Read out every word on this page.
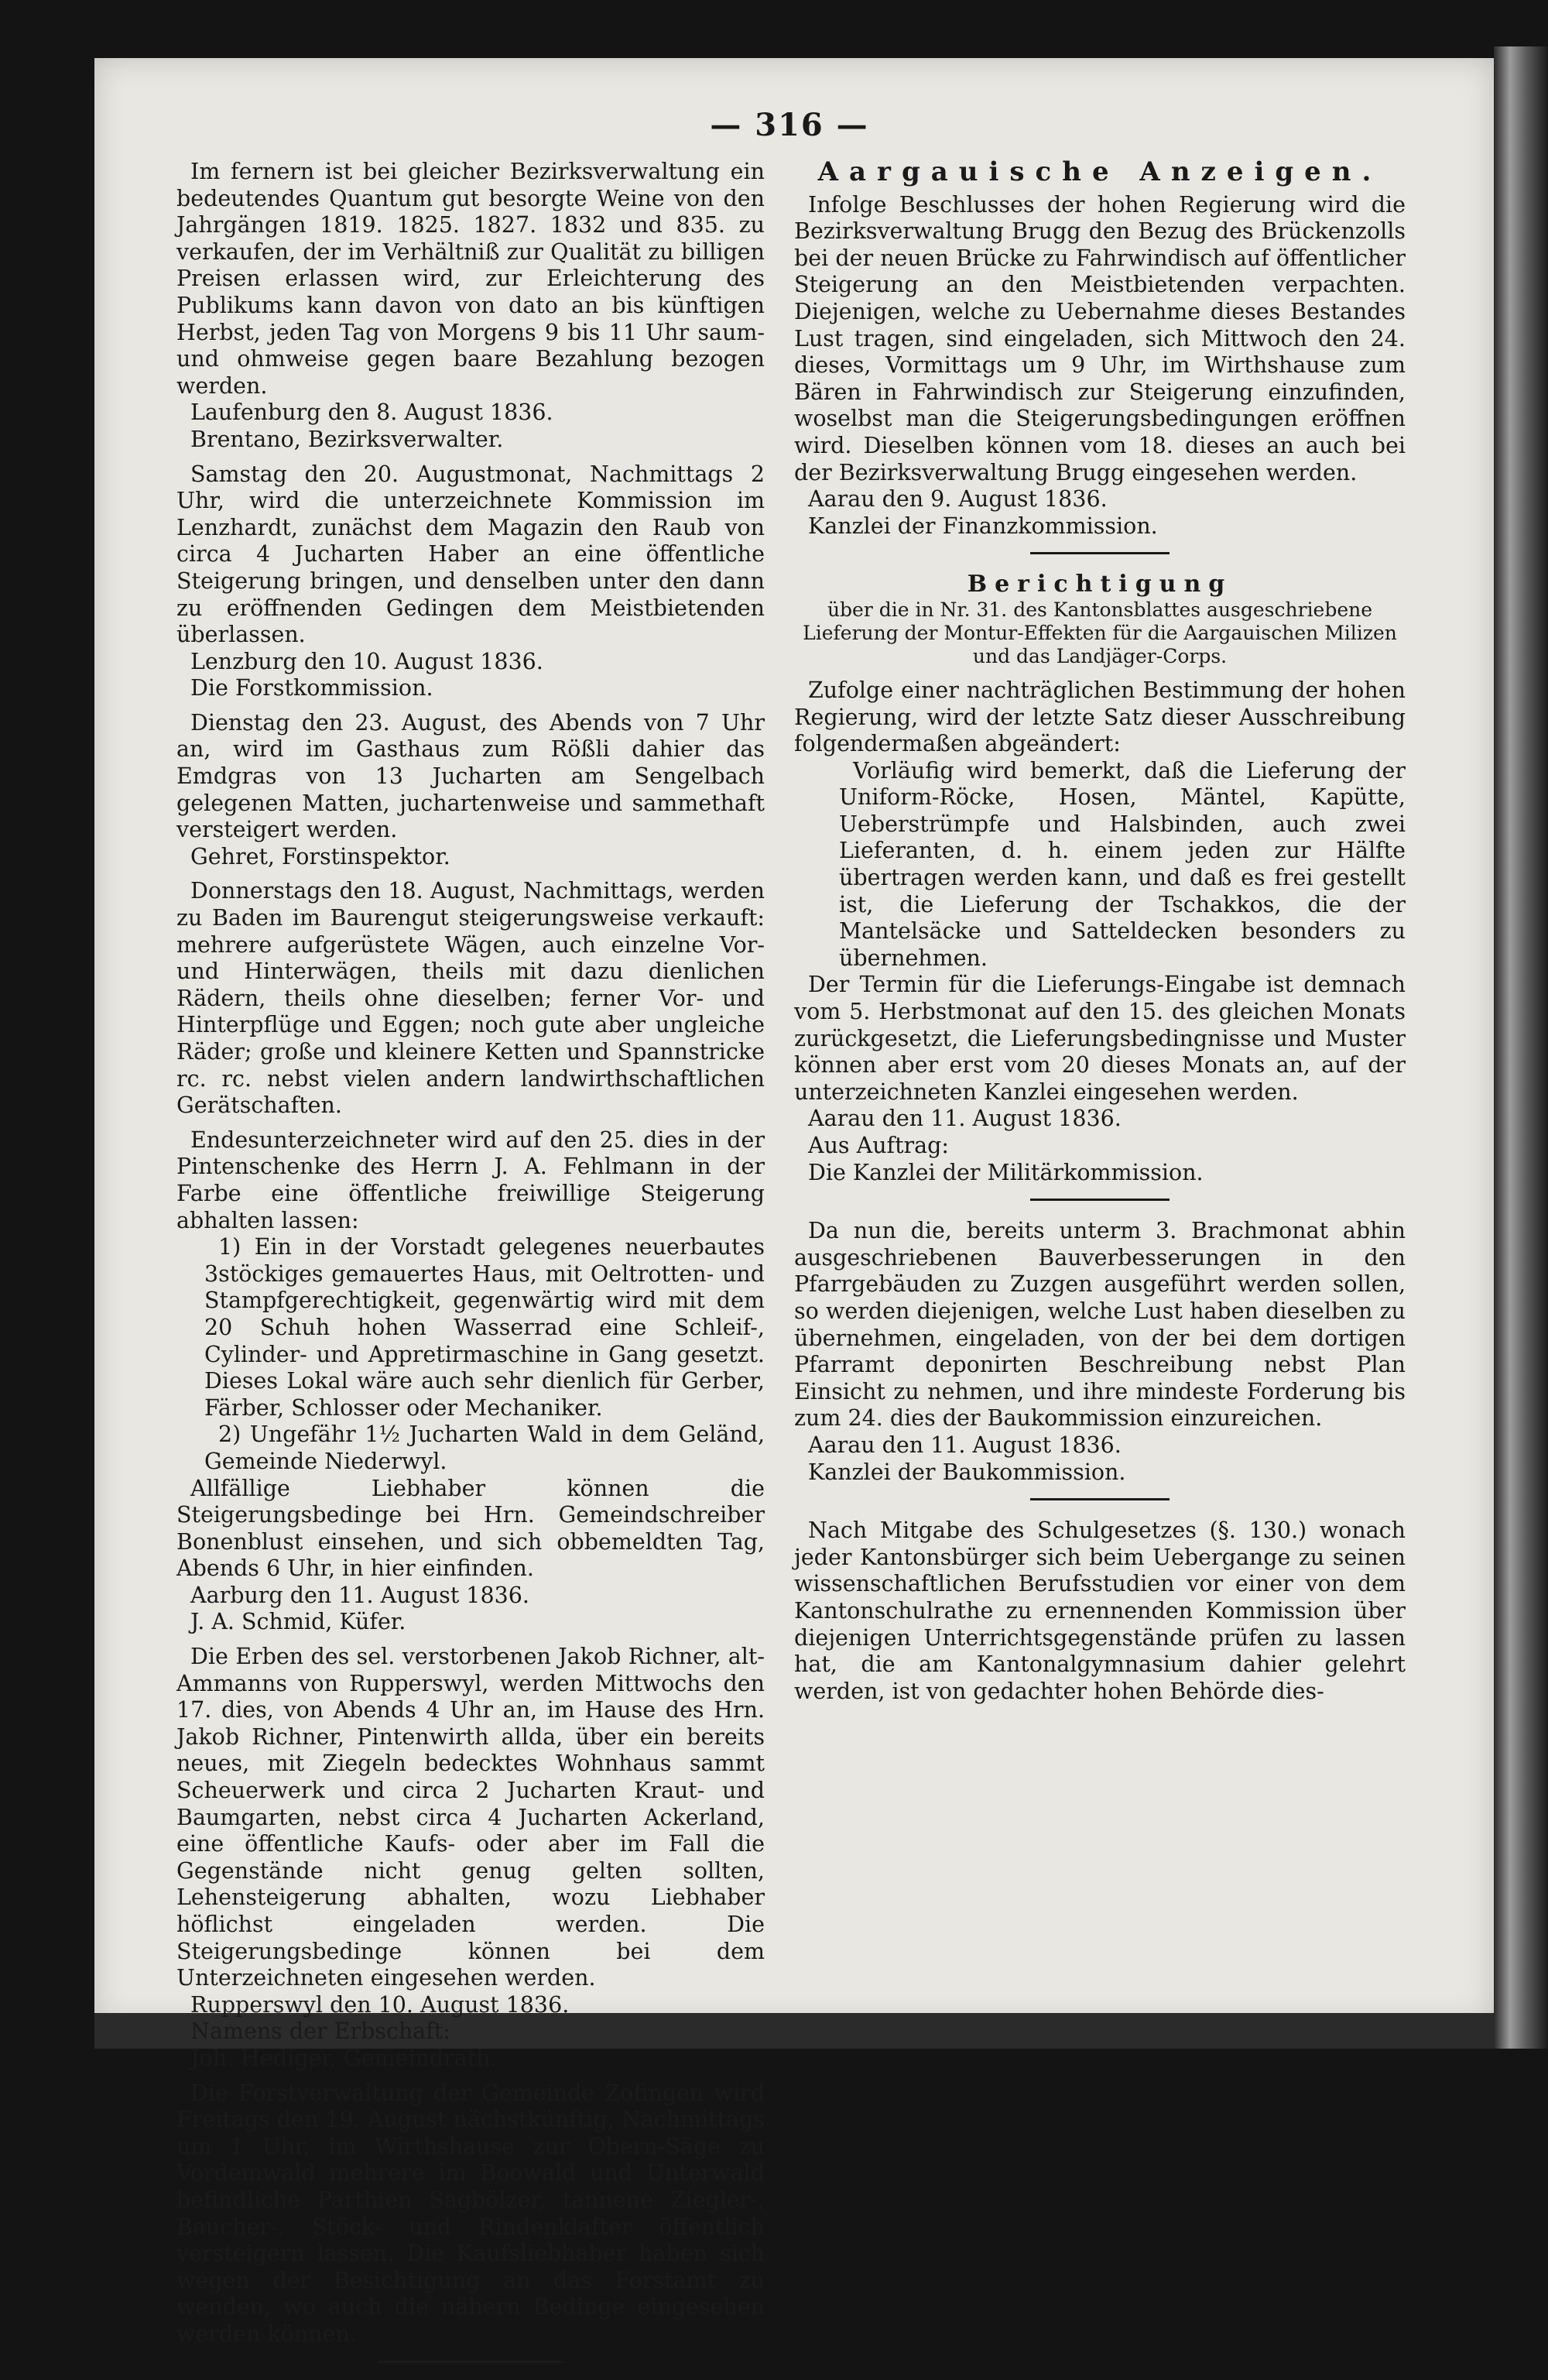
— 316 —

Im fernern ist bei gleicher Bezirksverwaltung ein bedeutendes Quantum gut besorgte Weine von den Jahrgängen 1819. 1825. 1827. 1832 und 835. zu verkaufen, der im Verhältniß zur Qualität zu billigen Preisen erlassen wird, zur Erleichterung des Publikums kann davon von dato an bis künftigen Herbst, jeden Tag von Morgens 9 bis 11 Uhr saum- und ohmweise gegen baare Bezahlung bezogen werden.

Laufenburg den 8. August 1836.

Brentano, Bezirksverwalter.

Samstag den 20. Augustmonat, Nachmittags 2 Uhr, wird die unterzeichnete Kommission im Lenzhardt, zunächst dem Magazin den Raub von circa 4 Jucharten Haber an eine öffentliche Steigerung bringen, und denselben unter den dann zu eröffnenden Gedingen dem Meistbietenden überlassen.

Lenzburg den 10. August 1836.

Die Forstkommission.

Dienstag den 23. August, des Abends von 7 Uhr an, wird im Gasthaus zum Rößli dahier das Emdgras von 13 Jucharten am Sengelbach gelegenen Matten, juchartenweise und sammethaft versteigert werden.

Gehret, Forstinspektor.

Donnerstags den 18. August, Nachmittags, werden zu Baden im Baurengut steigerungsweise verkauft: mehrere aufgerüstete Wägen, auch einzelne Vor- und Hinterwägen, theils mit dazu dienlichen Rädern, theils ohne dieselben; ferner Vor- und Hinterpflüge und Eggen; noch gute aber ungleiche Räder; große und kleinere Ketten und Spannstricke rc. rc. nebst vielen andern landwirthschaftlichen Gerätschaften.

Endesunterzeichneter wird auf den 25. dies in der Pintenschenke des Herrn J. A. Fehlmann in der Farbe eine öffentliche freiwillige Steigerung abhalten lassen:

1) Ein in der Vorstadt gelegenes neuerbautes 3stöckiges gemauertes Haus, mit Oeltrotten- und Stampfgerechtigkeit, gegenwärtig wird mit dem 20 Schuh hohen Wasserrad eine Schleif-, Cylinder- und Appretirmaschine in Gang gesetzt. Dieses Lokal wäre auch sehr dienlich für Gerber, Färber, Schlosser oder Mechaniker.

2) Ungefähr 1½ Jucharten Wald in dem Geländ, Gemeinde Niederwyl.

Allfällige Liebhaber können die Steigerungsbedinge bei Hrn. Gemeindschreiber Bonenblust einsehen, und sich obbemeldten Tag, Abends 6 Uhr, in hier einfinden.

Aarburg den 11. August 1836.

J. A. Schmid, Küfer.

Die Erben des sel. verstorbenen Jakob Richner, alt-Ammanns von Rupperswyl, werden Mittwochs den 17. dies, von Abends 4 Uhr an, im Hause des Hrn. Jakob Richner, Pintenwirth allda, über ein bereits neues, mit Ziegeln bedecktes Wohnhaus sammt Scheuerwerk und circa 2 Jucharten Kraut- und Baumgarten, nebst circa 4 Jucharten Ackerland, eine öffentliche Kaufs- oder aber im Fall die Gegenstände nicht genug gelten sollten, Lehensteigerung abhalten, wozu Liebhaber höflichst eingeladen werden. Die Steigerungsbedinge können bei dem Unterzeichneten eingesehen werden.

Rupperswyl den 10. August 1836.

Namens der Erbschaft:

Joh. Hediger, Gemeindrath.

Die Forstverwaltung der Gemeinde Zofingen wird Freitags den 19. August nächstkünftig, Nachmittags um 1 Uhr, im Wirthshause zur Obern-Säge zu Vordemwald mehrere im Boowald und Unterwald befindliche Parthien Sagbölzer, tannene Ziegler-, Baucher-, Stöck- und Rindenklafter öffentlich versteigern lassen. Die Kaufsliebhaber haben sich wegen der Besichtigung an das Forstamt zu wenden, wo auch die nähern Bedinge eingesehen werden können.

Aargauische Anzeigen.

Infolge Beschlusses der hohen Regierung wird die Bezirksverwaltung Brugg den Bezug des Brückenzolls bei der neuen Brücke zu Fahrwindisch auf öffentlicher Steigerung an den Meistbietenden verpachten. Diejenigen, welche zu Uebernahme dieses Bestandes Lust tragen, sind eingeladen, sich Mittwoch den 24. dieses, Vormittags um 9 Uhr, im Wirthshause zum Bären in Fahrwindisch zur Steigerung einzufinden, woselbst man die Steigerungsbedingungen eröffnen wird. Dieselben können vom 18. dieses an auch bei der Bezirksverwaltung Brugg eingesehen werden.

Aarau den 9. August 1836.

Kanzlei der Finanzkommission.

Berichtigung
über die in Nr. 31. des Kantonsblattes ausgeschriebene Lieferung der Montur-Effekten für die Aargauischen Milizen und das Landjäger-Corps.

Zufolge einer nachträglichen Bestimmung der hohen Regierung, wird der letzte Satz dieser Ausschreibung folgendermaßen abgeändert:

Vorläufig wird bemerkt, daß die Lieferung der Uniform-Röcke, Hosen, Mäntel, Kapütte, Ueberstrümpfe und Halsbinden, auch zwei Lieferanten, d. h. einem jeden zur Hälfte übertragen werden kann, und daß es frei gestellt ist, die Lieferung der Tschakkos, die der Mantelsäcke und Satteldecken besonders zu übernehmen.

Der Termin für die Lieferungs-Eingabe ist demnach vom 5. Herbstmonat auf den 15. des gleichen Monats zurückgesetzt, die Lieferungsbedingnisse und Muster können aber erst vom 20 dieses Monats an, auf der unterzeichneten Kanzlei eingesehen werden.

Aarau den 11. August 1836.

Aus Auftrag:

Die Kanzlei der Militärkommission.

Da nun die, bereits unterm 3. Brachmonat abhin ausgeschriebenen Bauverbesserungen in den Pfarrgebäuden zu Zuzgen ausgeführt werden sollen, so werden diejenigen, welche Lust haben dieselben zu übernehmen, eingeladen, von der bei dem dortigen Pfarramt deponirten Beschreibung nebst Plan Einsicht zu nehmen, und ihre mindeste Forderung bis zum 24. dies der Baukommission einzureichen.

Aarau den 11. August 1836.

Kanzlei der Baukommission.

Nach Mitgabe des Schulgesetzes (§. 130.) wonach jeder Kantonsbürger sich beim Uebergange zu seinen wissenschaftlichen Berufsstudien vor einer von dem Kantonschulrathe zu ernennenden Kommission über diejenigen Unterrichtsgegenstände prüfen zu lassen hat, die am Kantonalgymnasium dahier gelehrt werden, ist von gedachter hohen Behörde dies-
